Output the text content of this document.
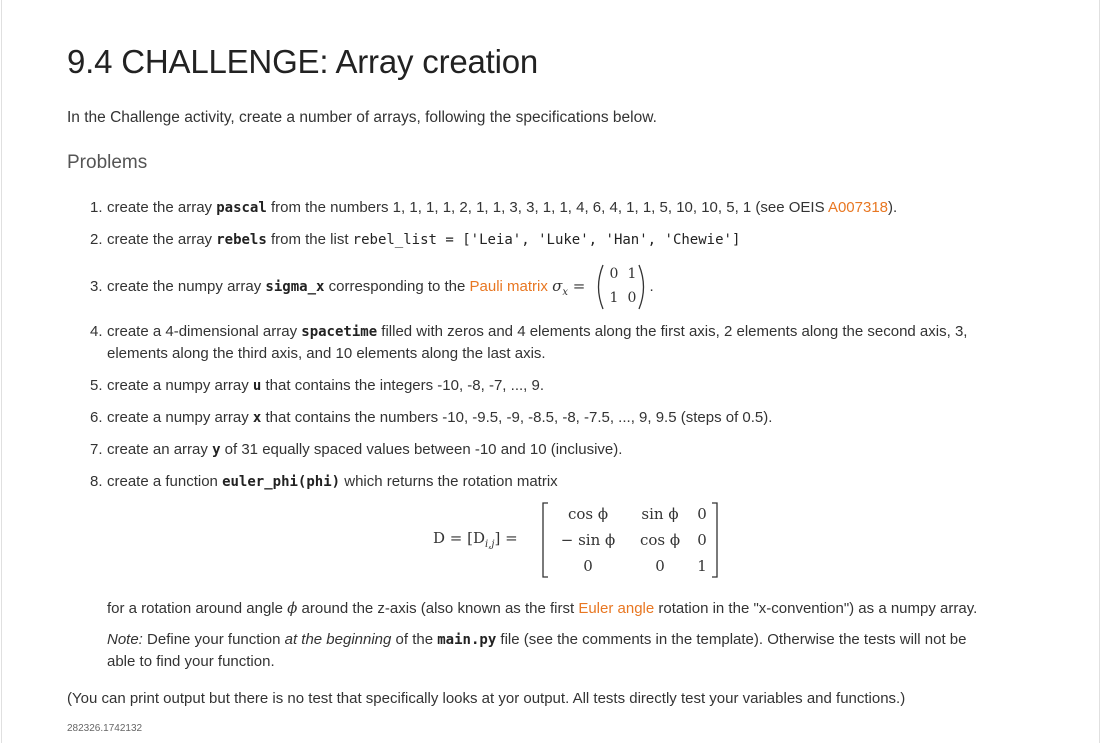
9.4 CHALLENGE: Array creation

In the Challenge activity, create a number of arrays, following the specifications below.

Problems
1. create the array pascal from the numbers 1, 1, 1, 1, 2, 1, 1, 3, 3, 1, 1, 4, 6, 4, 1, 1, 5, 10, 10, 5, 1 (see OEIS A007318).
2. create the array rebels from the list rebel_list = ['Leia', 'Luke', 'Han', 'Chewie']
3. create the numpy array sigma_x corresponding to the Pauli matrix $\sigma_x$ =
0 1
1 0
.
4. create a 4-dimensional array spacetime filled with zeros and 4 elements along the first axis, 2 elements along the second axis, 3,
elements along the third axis, and 10 elements along the last axis.
5. create a numpy array u that contains the integers -10, -8, -7, ..., 9.
6. create a numpy array x that contains the numbers -10, -9.5, -9, -8.5, -8, -7.5, ..., 9, 9.5 (steps of 0.5).
7. create an array y of 31 equally spaced values between -10 and 10 (inclusive).
8. create a function euler_phi(phi) which returns the rotation matrix
$D = [D_{i,j}]$ =
cos ϕ	sin ϕ	0
− sin ϕ	cos ϕ	0
0	0	1
for a rotation around angle ϕ around the z-axis (also known as the first Euler angle rotation in the "x-convention") as a numpy array.
Note: Define your function at the beginning of the main.py file (see the comments in the template). Otherwise the tests will not be
able to find your function.

(You can print output but there is no test that specifically looks at yor output. All tests directly test your variables and functions.)

282326.1742132
